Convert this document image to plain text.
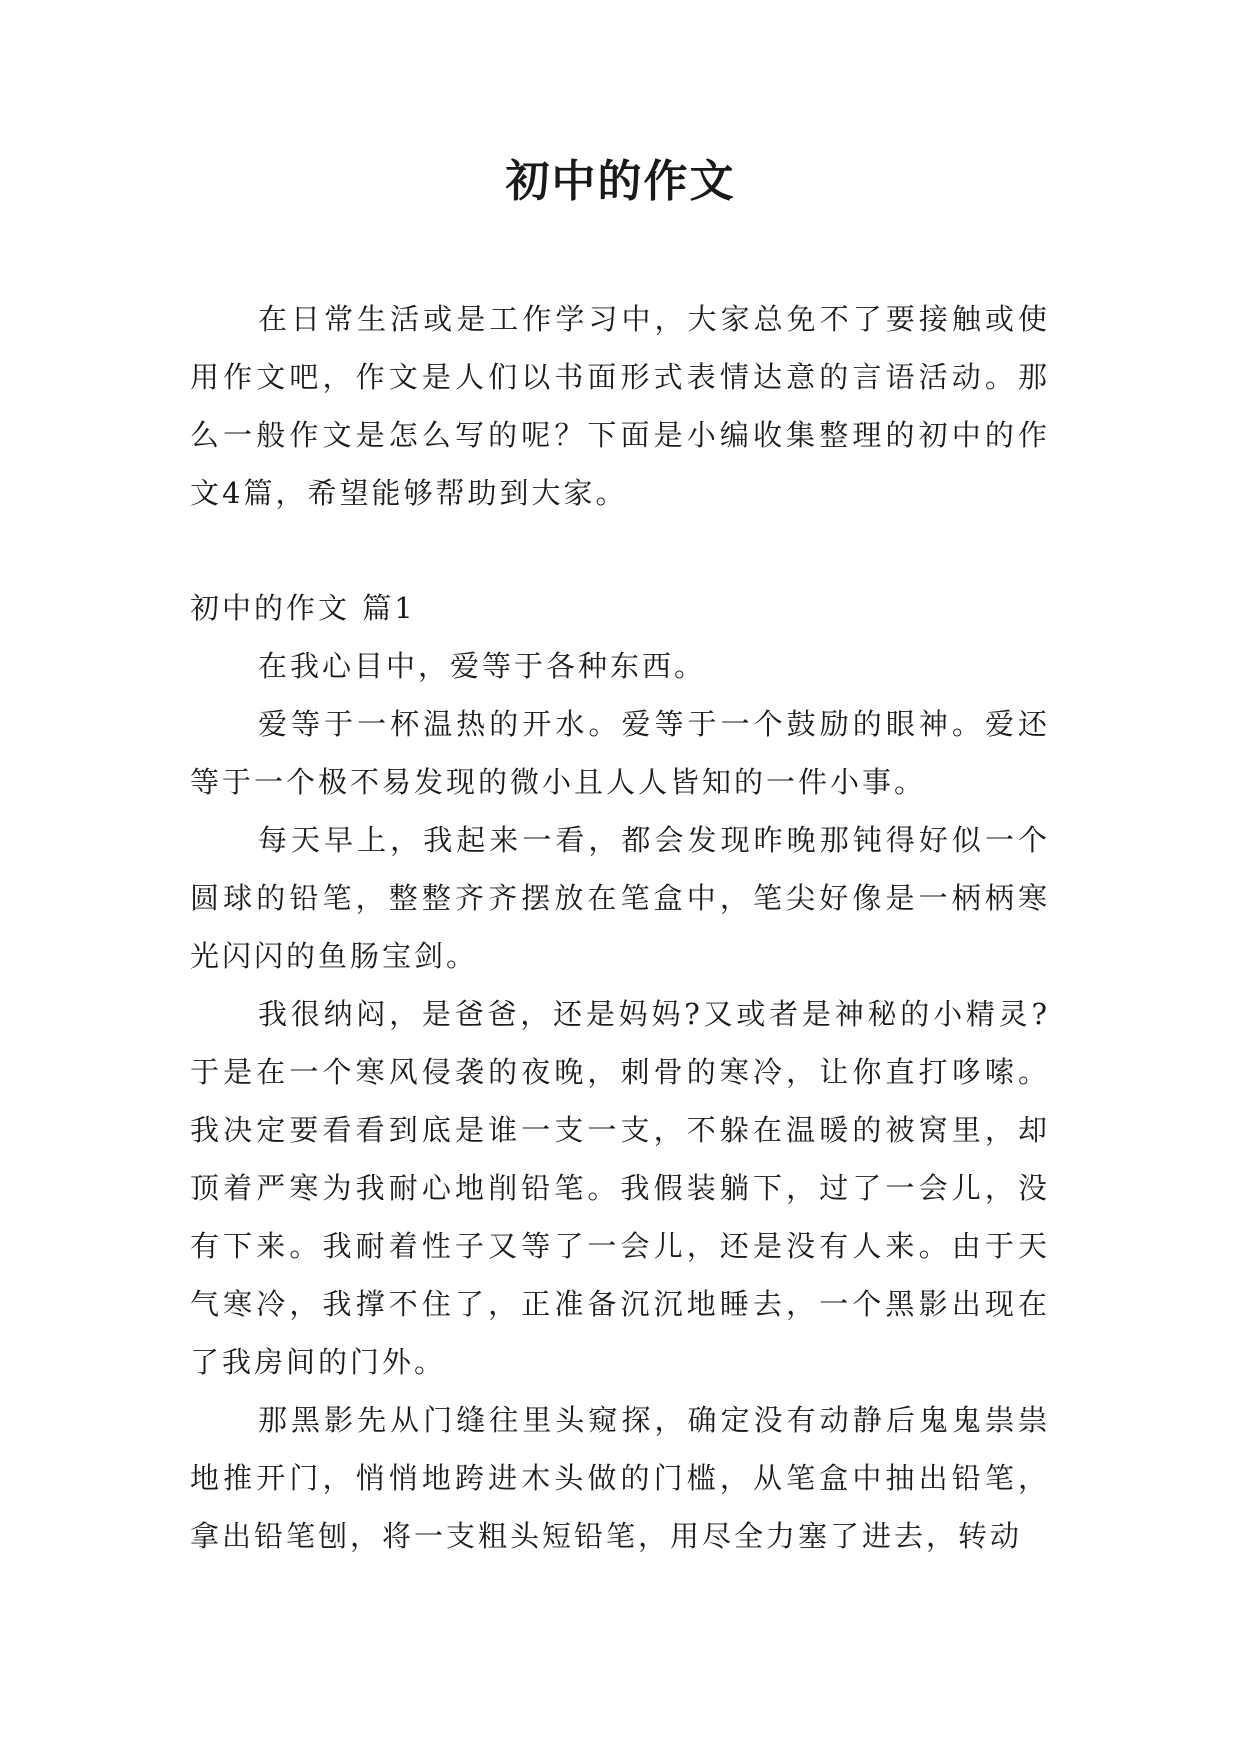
初中的作文

在日常生活或是工作学习中，大家总免不了要接触或使用作文吧，作文是人们以书面形式表情达意的言语活动。那么一般作文是怎么写的呢？下面是小编收集整理的初中的作文4篇，希望能够帮助到大家。

初中的作文 篇1

在我心目中，爱等于各种东西。

爱等于一杯温热的开水。爱等于一个鼓励的眼神。爱还等于一个极不易发现的微小且人人皆知的一件小事。

每天早上，我起来一看，都会发现昨晚那钝得好似一个圆球的铅笔，整整齐齐摆放在笔盒中，笔尖好像是一柄柄寒光闪闪的鱼肠宝剑。

我很纳闷，是爸爸，还是妈妈?又或者是神秘的小精灵?于是在一个寒风侵袭的夜晚，刺骨的寒冷，让你直打哆嗦。我决定要看看到底是谁一支一支，不躲在温暖的被窝里，却顶着严寒为我耐心地削铅笔。我假装躺下，过了一会儿，没有下来。我耐着性子又等了一会儿，还是没有人来。由于天气寒冷，我撑不住了，正准备沉沉地睡去，一个黑影出现在了我房间的门外。

那黑影先从门缝往里头窥探，确定没有动静后鬼鬼祟祟地推开门，悄悄地跨进木头做的门槛，从笔盒中抽出铅笔，拿出铅笔刨，将一支粗头短铅笔，用尽全力塞了进去，转动
